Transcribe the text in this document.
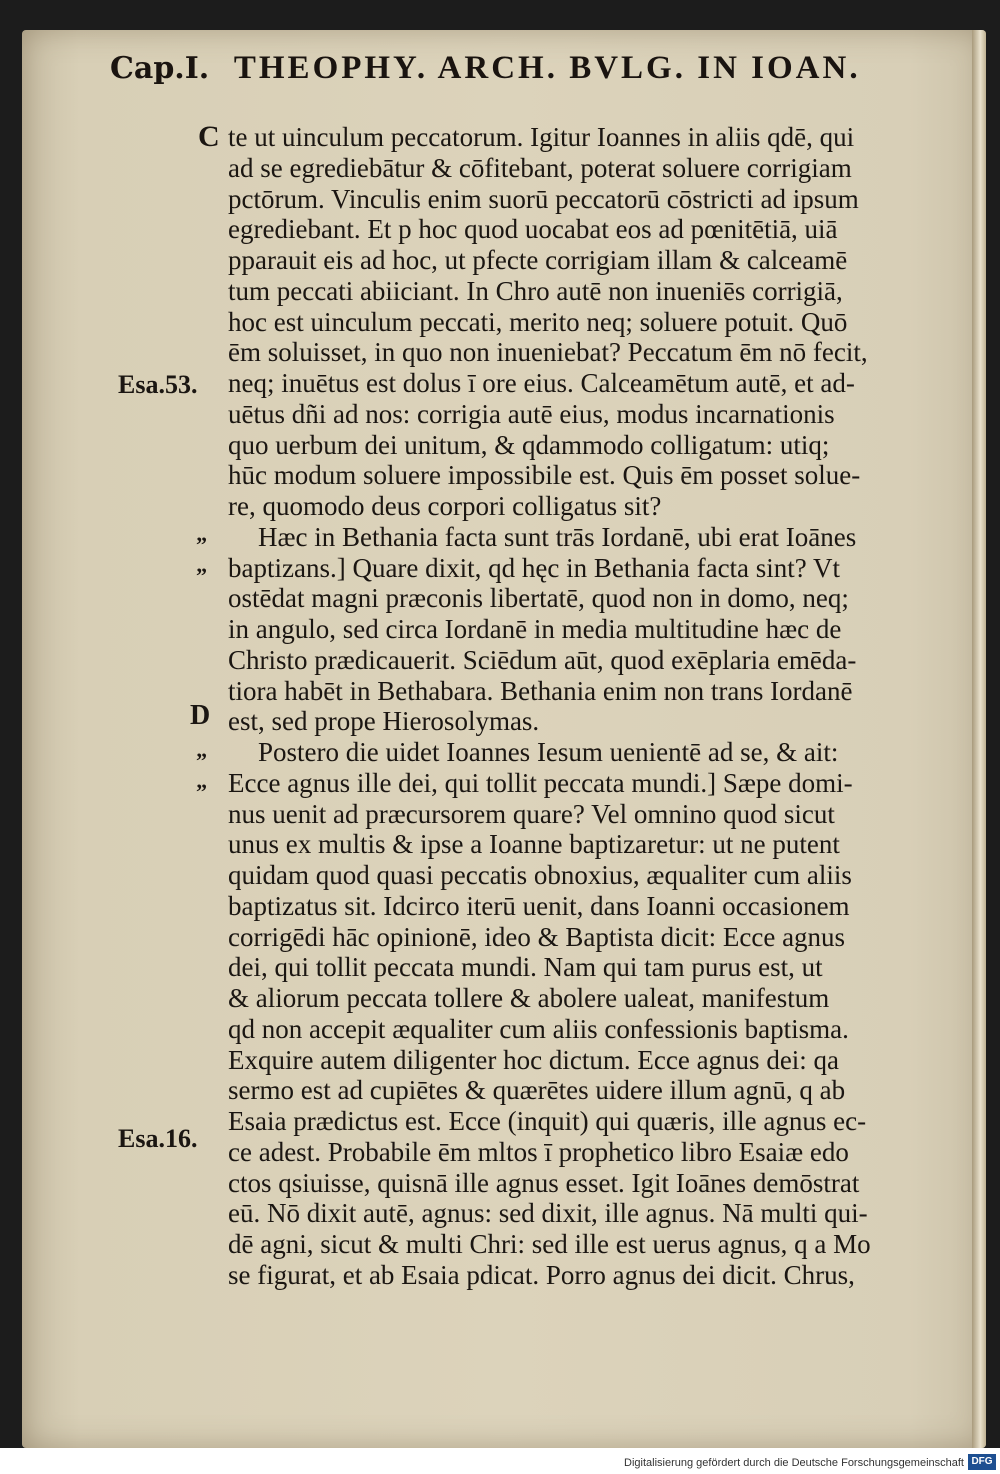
Cap.I. THEOPHY. ARCH. BVLG. IN IOAN.
C te ut uinculum peccatorum. Igitur Ioannes in aliis qdē, qui
ad se egrediebātur & cōfitebant, poterat soluere corrigiam
pctōrum. Vinculis enim suorū peccatorū cōstricti ad ipsum
egrediebant. Et p hoc quod uocabat eos ad pœnitētiā, uiā
pparauit eis ad hoc, ut pfecte corrigiam illam & calceamē
tum peccati abiiciant. In Chro autē non inueniēs corrigiā,
hoc est uinculum peccati, merito neq; soluere potuit. Quō
ēm soluisset, in quo non inueniebat? Peccatum ēm nō fecit,
neq; inuētus est dolus ī ore eius. Calceamētum autē, et ad-
uētus dñi ad nos: corrigia autē eius, modus incarnationis
quo uerbum dei unitum, & qdammodo colligatum: utiq;
hūc modum soluere impossibile est. Quis ēm posset solue-
re, quomodo deus corpori colligatus sit?
Hæc in Bethania facta sunt trās Iordanē, ubi erat Ioānes
baptizans.] Quare dixit, qd hęc in Bethania facta sint? Vt
ostēdat magni præconis libertatē, quod non in domo, neq;
in angulo, sed circa Iordanē in media multitudine hæc de
Christo prædicauerit. Sciēdum aūt, quod exēplaria emēda-
tiora habēt in Bethabara. Bethania enim non trans Iordanē
est, sed prope Hierosolymas.
Postero die uidet Ioannes Iesum uenientē ad se, & ait:
Ecce agnus ille dei, qui tollit peccata mundi.] Sæpe domi-
nus uenit ad præcursorem quare? Vel omnino quod sicut
unus ex multis & ipse a Ioanne baptizaretur: ut ne putent
quidam quod quasi peccatis obnoxius, æqualiter cum aliis
baptizatus sit. Idcirco iterū uenit, dans Ioanni occasionem
corrigēdi hāc opinionē, ideo & Baptista dicit: Ecce agnus
dei, qui tollit peccata mundi. Nam qui tam purus est, ut
& aliorum peccata tollere & abolere ualeat, manifestum
qd non accepit æqualiter cum aliis confessionis baptisma.
Exquire autem diligenter hoc dictum. Ecce agnus dei: qa
sermo est ad cupiētes & quærētes uidere illum agnū, q ab
Esaia prædictus est. Ecce (inquit) qui quæris, ille agnus ec-
ce adest. Probabile ēm mltos ī prophetico libro Esaiæ edo
ctos qsiuisse, quisnā ille agnus esset. Igit Ioānes demōstrat
eū. Nō dixit autē, agnus: sed dixit, ille agnus. Nā multi qui-
dē agni, sicut & multi Chri: sed ille est uerus agnus, q a Mo
se figurat, et ab Esaia pdicat. Porro agnus dei dicit. Chrus,
Esa.53.
D
Esa.16.
”
”
”
”
Digitalisierung gefördert durch die Deutsche Forschungsgemeinschaft DFG
